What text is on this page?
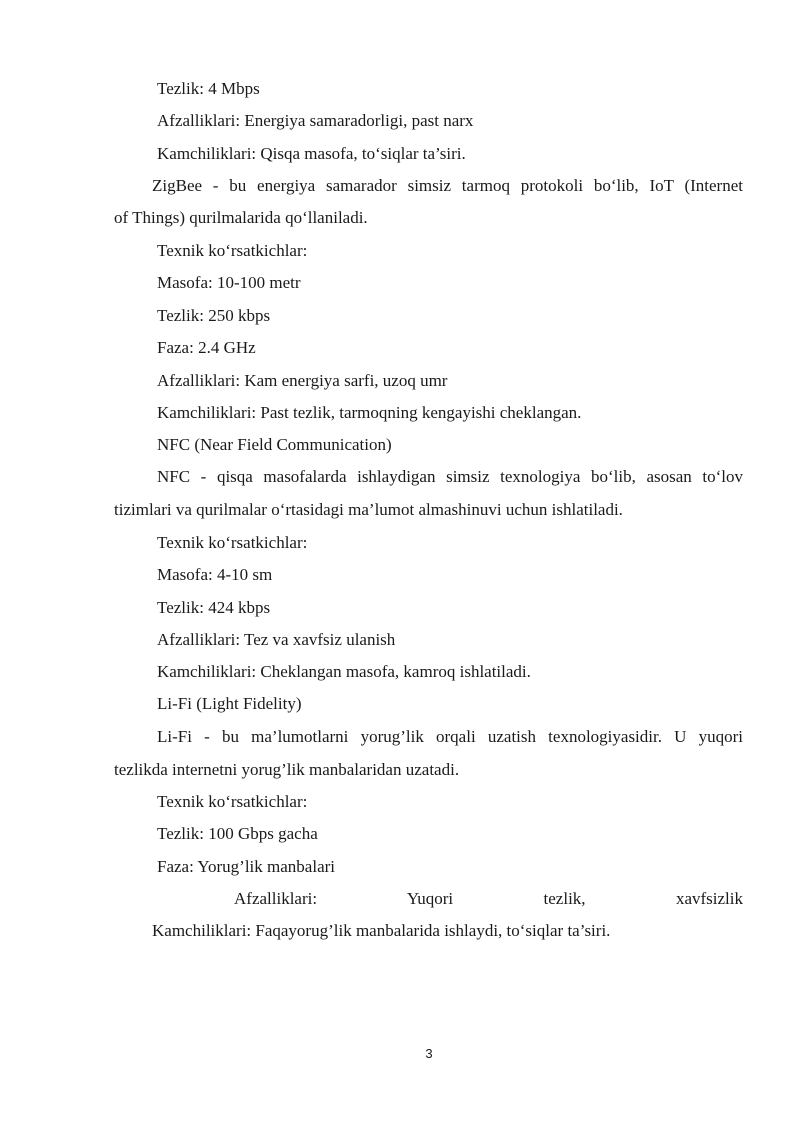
Tezlik: 4 Mbps

Afzalliklari: Energiya samaradorligi, past narx

Kamchiliklari: Qisqa masofa, to‘siqlar ta’siri.

ZigBee - bu energiya samarador simsiz tarmoq protokoli bo‘lib, IoT (Internet

of Things) qurilmalarida qo‘llaniladi.

Texnik ko‘rsatkichlar:

Masofa: 10-100 metr

Tezlik: 250 kbps

Faza: 2.4 GHz

Afzalliklari: Kam energiya sarfi, uzoq umr

Kamchiliklari: Past tezlik, tarmoqning kengayishi cheklangan.

NFC (Near Field Communication)

NFC - qisqa masofalarda ishlaydigan simsiz texnologiya bo‘lib, asosan to‘lov

tizimlari va qurilmalar o‘rtasidagi ma’lumot almashinuvi uchun ishlatiladi.

Texnik ko‘rsatkichlar:

Masofa: 4-10 sm

Tezlik: 424 kbps

Afzalliklari: Tez va xavfsiz ulanish

Kamchiliklari: Cheklangan masofa, kamroq ishlatiladi.

Li-Fi (Light Fidelity)

Li-Fi - bu ma’lumotlarni yorug’lik orqali uzatish texnologiyasidir. U yuqori

tezlikda internetni yorug’lik manbalaridan uzatadi.

Texnik ko‘rsatkichlar:

Tezlik: 100 Gbps gacha

Faza: Yorug’lik manbalari

Afzalliklari: Yuqori tezlik, xavfsizlik

Kamchiliklari: Faqayorug’lik manbalarida ishlaydi, to‘siqlar ta’siri.

3
